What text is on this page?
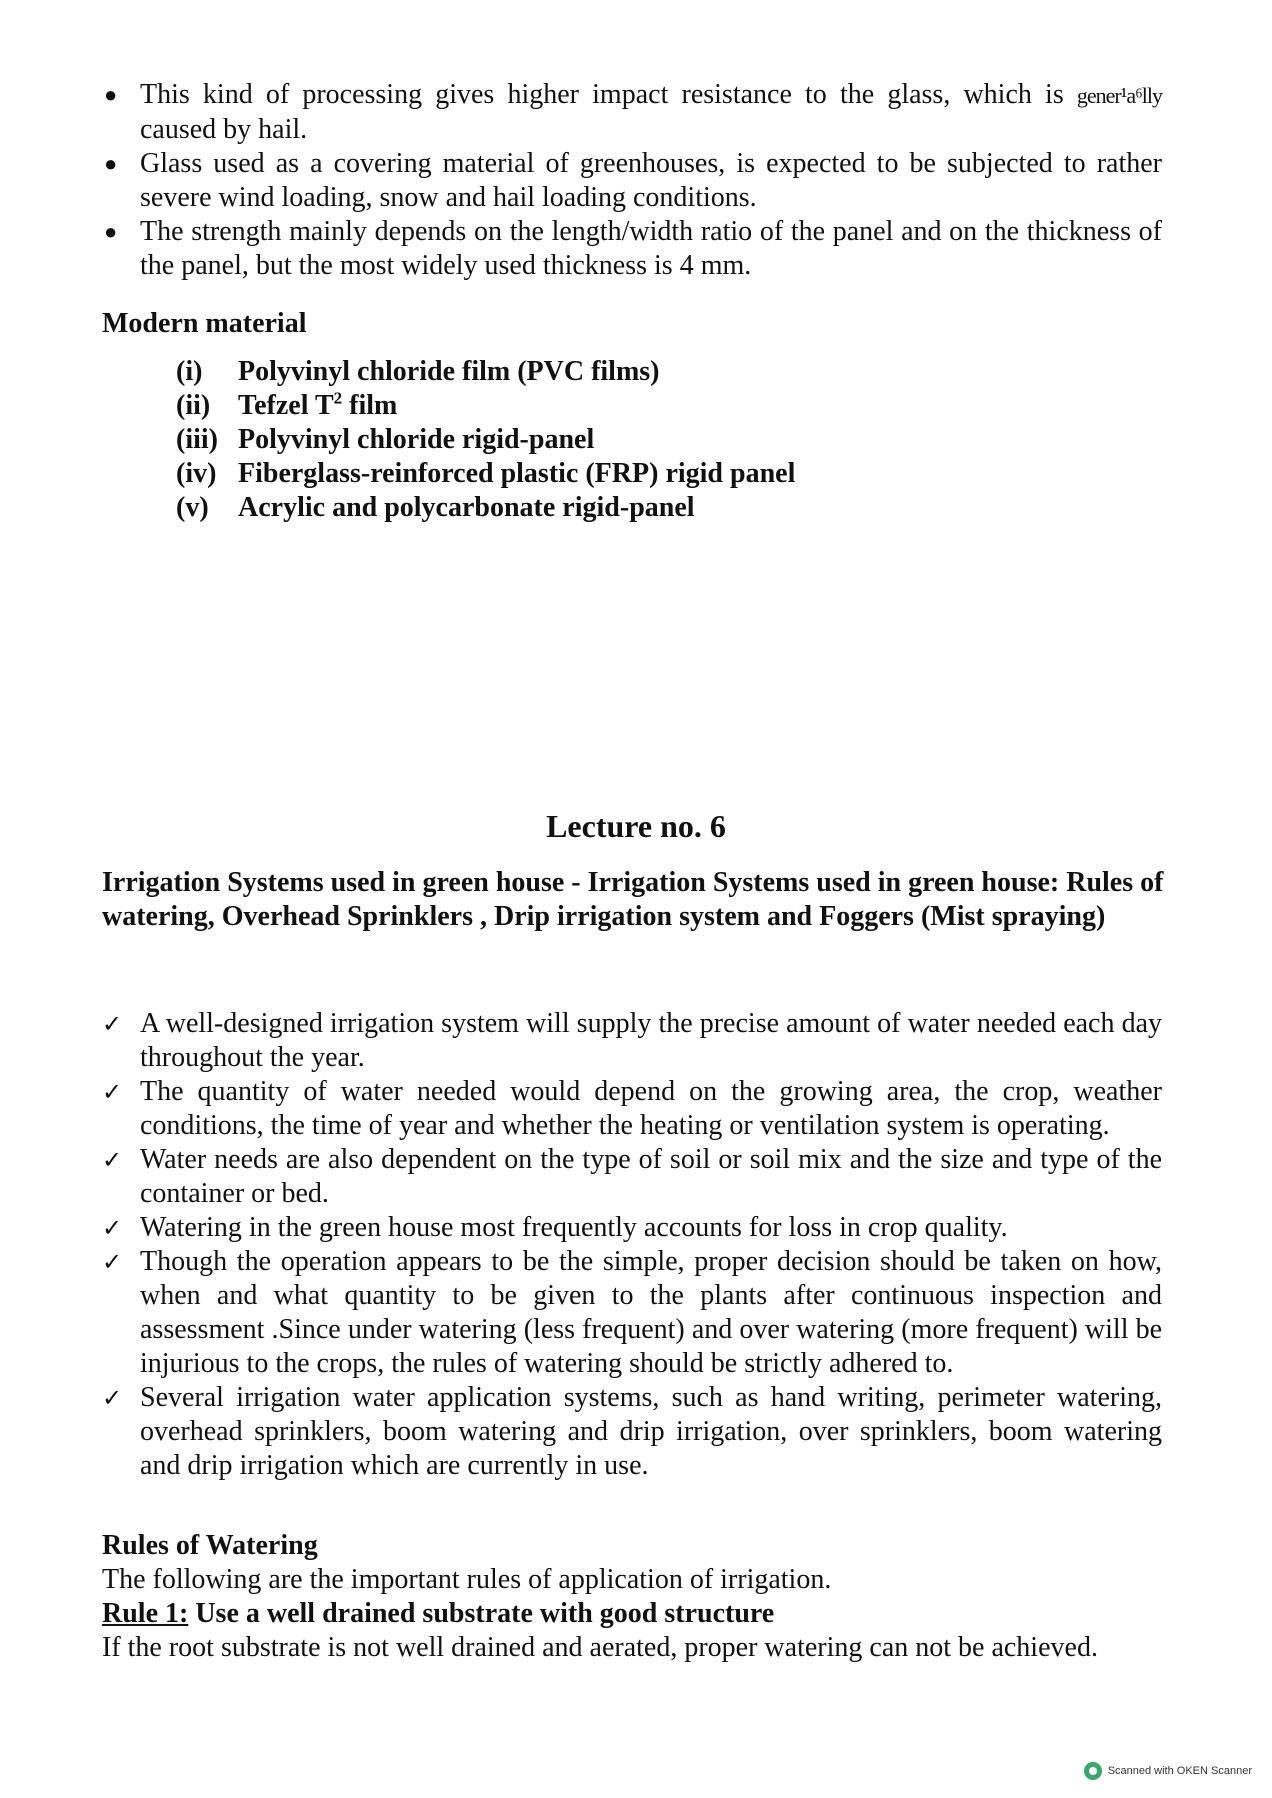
● This kind of processing gives higher impact resistance to the glass, which is gener¹a⁶lly caused by hail.
● Glass used as a covering material of greenhouses, is expected to be subjected to rather severe wind loading, snow and hail loading conditions.
● The strength mainly depends on the length/width ratio of the panel and on the thickness of the panel, but the most widely used thickness is 4 mm.
Modern material
(i) Polyvinyl chloride film (PVC films)
(ii) Tefzel $T^2$ film
(iii) Polyvinyl chloride rigid-panel
(iv) Fiberglass-reinforced plastic (FRP) rigid panel
(v) Acrylic and polycarbonate rigid-panel
Lecture no. 6
Irrigation Systems used in green house - Irrigation Systems used in green house: Rules of watering, Overhead Sprinklers , Drip irrigation system and Foggers (Mist spraying)
✓ A well-designed irrigation system will supply the precise amount of water needed each day throughout the year.
✓ The quantity of water needed would depend on the growing area, the crop, weather conditions, the time of year and whether the heating or ventilation system is operating.
✓ Water needs are also dependent on the type of soil or soil mix and the size and type of the container or bed.
✓ Watering in the green house most frequently accounts for loss in crop quality.
✓ Though the operation appears to be the simple, proper decision should be taken on how, when and what quantity to be given to the plants after continuous inspection and assessment .Since under watering (less frequent) and over watering (more frequent) will be injurious to the crops, the rules of watering should be strictly adhered to.
✓ Several irrigation water application systems, such as hand writing, perimeter watering, overhead sprinklers, boom watering and drip irrigation, over sprinklers, boom watering and drip irrigation which are currently in use.
Rules of Watering
The following are the important rules of application of irrigation.
Rule 1: Use a well drained substrate with good structure
If the root substrate is not well drained and aerated, proper watering can not be achieved.
Scanned with OKEN Scanner
